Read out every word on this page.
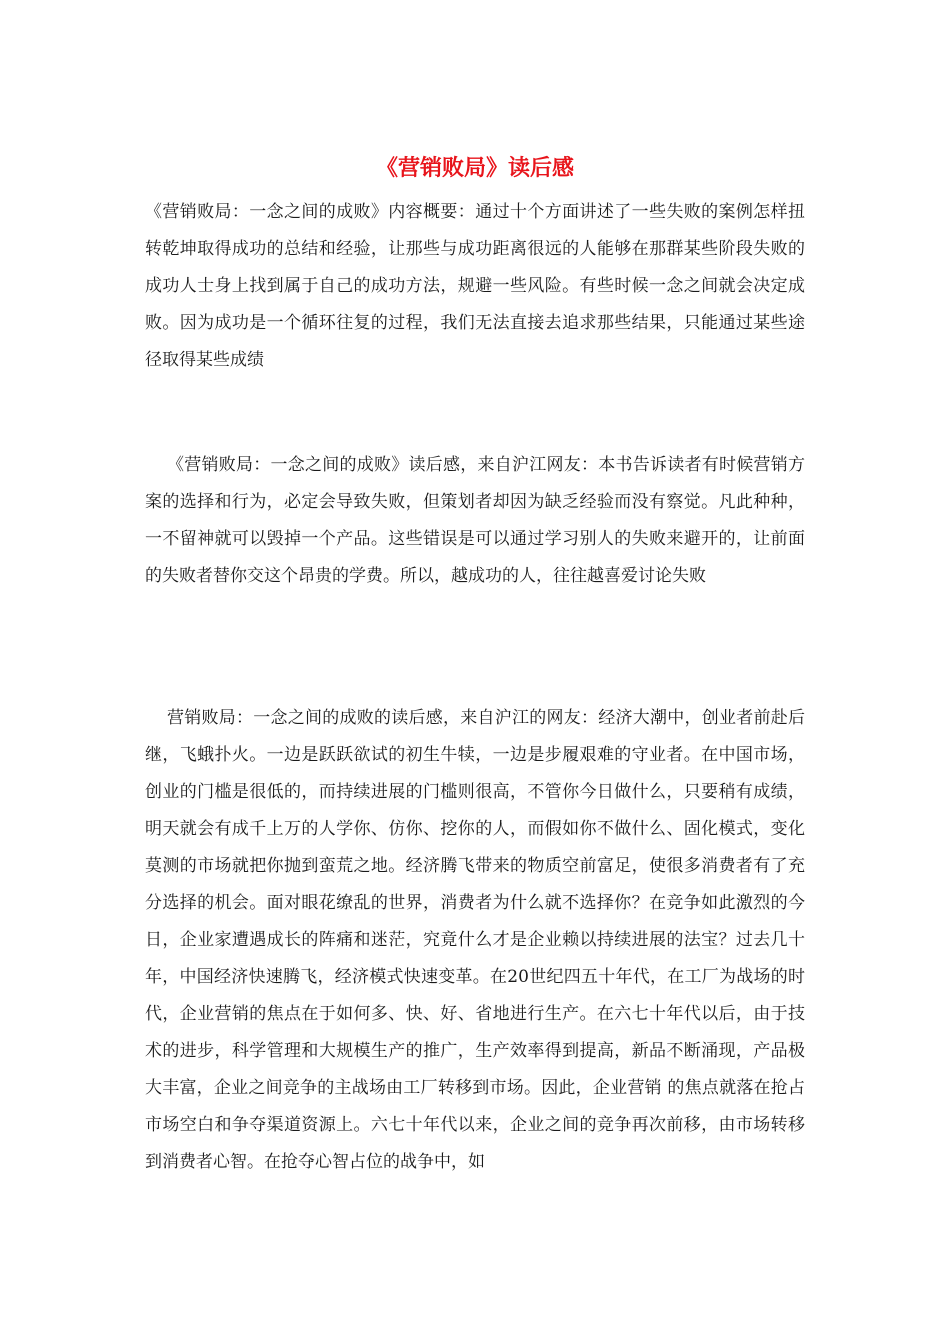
《营销败局》读后感

《营销败局：一念之间的成败》内容概要：通过十个方面讲述了一些失败的案例怎样扭转乾坤取得成功的总结和经验，让那些与成功距离很远的人能够在那群某些阶段失败的成功人士身上找到属于自己的成功方法，规避一些风险。有些时候一念之间就会决定成败。因为成功是一个循环往复的过程，我们无法直接去追求那些结果，只能通过某些途径取得某些成绩

《营销败局：一念之间的成败》读后感，来自沪江网友：本书告诉读者有时候营销方案的选择和行为，必定会导致失败，但策划者却因为缺乏经验而没有察觉。凡此种种，一不留神就可以毁掉一个产品。这些错误是可以通过学习别人的失败来避开的，让前面的失败者替你交这个昂贵的学费。所以，越成功的人，往往越喜爱讨论失败

营销败局：一念之间的成败的读后感，来自沪江的网友：经济大潮中，创业者前赴后继，飞蛾扑火。一边是跃跃欲试的初生牛犊，一边是步履艰难的守业者。在中国市场，创业的门槛是很低的，而持续进展的门槛则很高，不管你今日做什么，只要稍有成绩，明天就会有成千上万的人学你、仿你、挖你的人，而假如你不做什么、固化模式，变化莫测的市场就把你抛到蛮荒之地。经济腾飞带来的物质空前富足，使很多消费者有了充分选择的机会。面对眼花缭乱的世界，消费者为什么就不选择你？在竞争如此激烈的今日，企业家遭遇成长的阵痛和迷茫，究竟什么才是企业赖以持续进展的法宝？过去几十年，中国经济快速腾飞，经济模式快速变革。在20世纪四五十年代，在工厂为战场的时代，企业营销的焦点在于如何多、快、好、省地进行生产。在六七十年代以后，由于技术的进步，科学管理和大规模生产的推广，生产效率得到提高，新品不断涌现，产品极大丰富，企业之间竞争的主战场由工厂转移到市场。因此，企业营销 的焦点就落在抢占市场空白和争夺渠道资源上。六七十年代以来，企业之间的竞争再次前移，由市场转移到消费者心智。在抢夺心智占位的战争中，如
